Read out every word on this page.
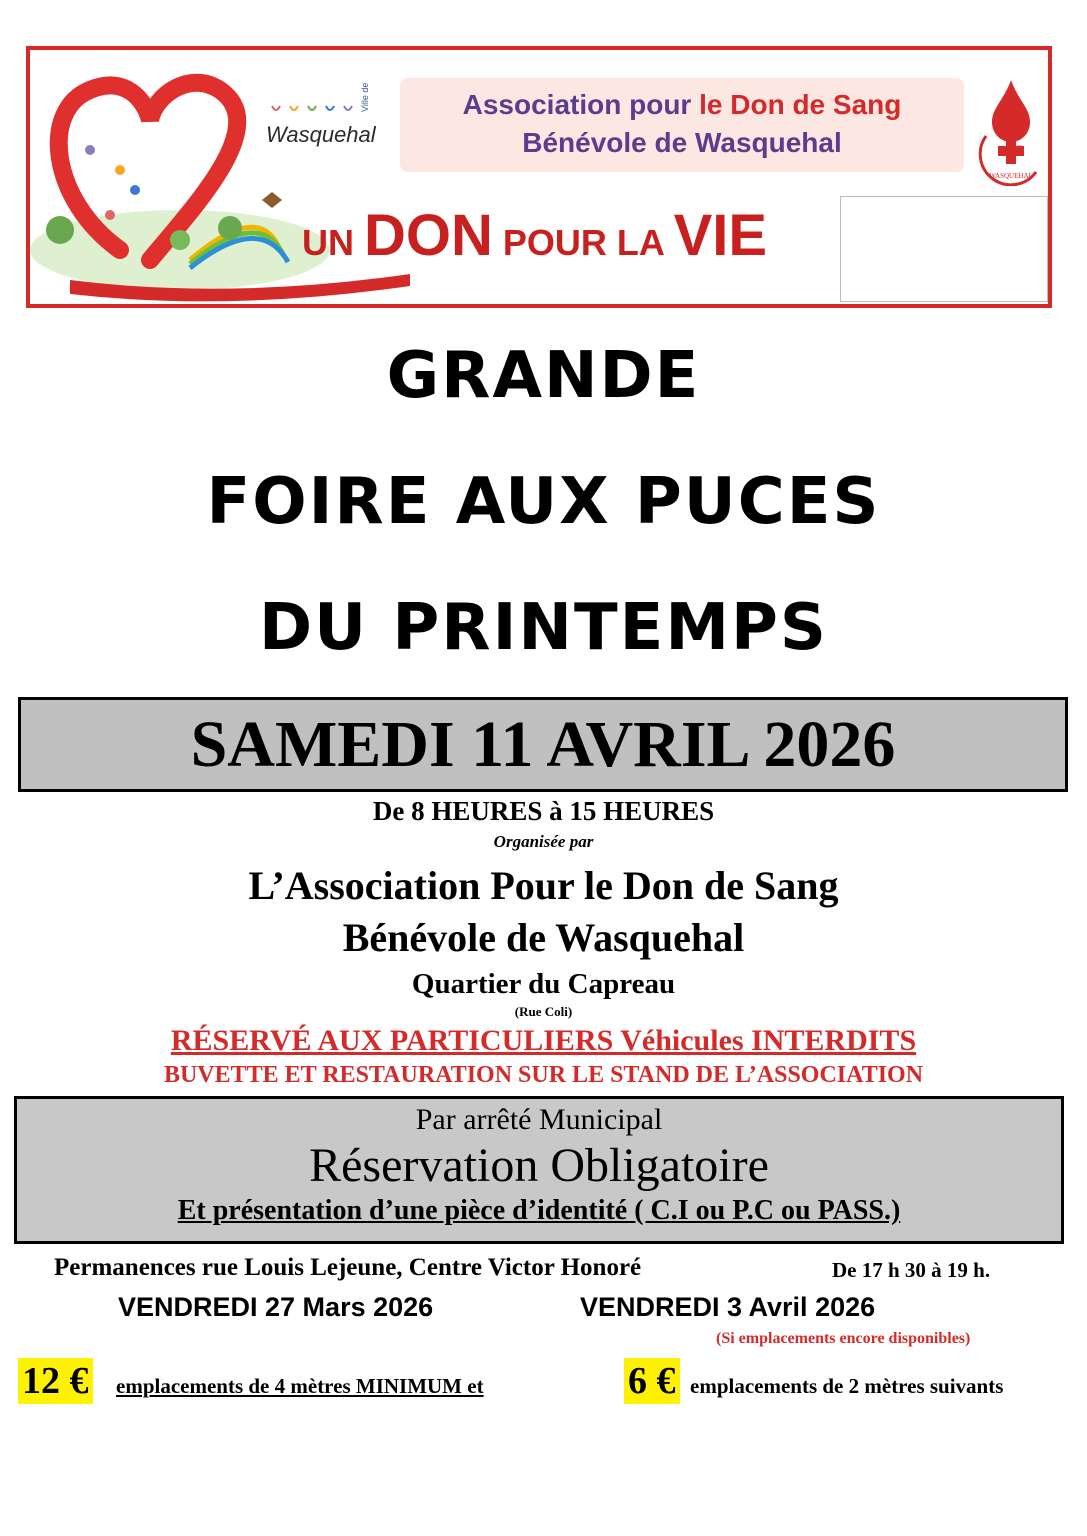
Ville de
Wasquehal
Association pour le Don de Sang
Bénévole de Wasquehal	ADSB
WASQUEHAL
UN DON POUR LA VIE
GRANDE
FOIRE AUX PUCES
DU PRINTEMPS
SAMEDI 11 AVRIL 2026
De 8 HEURES à 15 HEURES
Organisée par
L’Association Pour le Don de Sang
Bénévole de Wasquehal
Quartier du Capreau
(Rue Coli)
RÉSERVÉ AUX PARTICULIERS Véhicules INTERDITS
BUVETTE ET RESTAURATION SUR LE STAND DE L’ASSOCIATION
Par arrêté Municipal
Réservation Obligatoire
Et présentation d’une pièce d’identité ( C.I ou P.C ou PASS.)
Permanences rue Louis Lejeune, Centre Victor Honoré	De 17 h 30 à 19 h.
VENDREDI 27 Mars 2026	VENDREDI 3 Avril 2026
(Si emplacements encore disponibles)
12 € emplacements de 4 mètres MINIMUM et	6 € emplacements de 2 mètres suivants
